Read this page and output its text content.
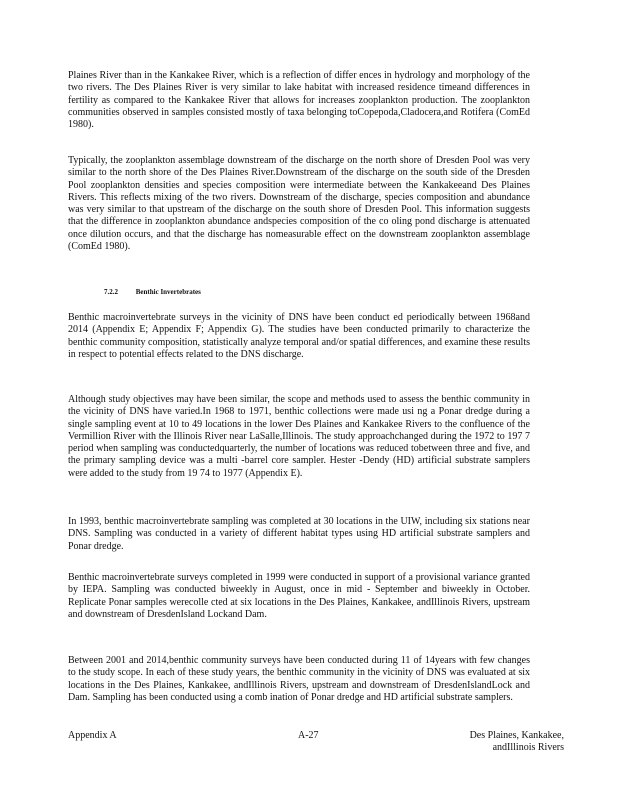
Plaines River than in the Kankakee River, which is a reflection of differ ences in hydrology and morphology of the two rivers. The Des Plaines River is very similar to lake habitat with increased residence timeand differences in fertility as compared to the Kankakee River that allows for increases zooplankton production. The zooplankton communities observed in samples consisted mostly of taxa belonging toCopepoda,Cladocera,and Rotifera (ComEd 1980).

Typically, the zooplankton assemblage downstream of the discharge on the north shore of Dresden Pool was very similar to the north shore of the Des Plaines River.Downstream of the discharge on the south side of the Dresden Pool zooplankton densities and species composition were intermediate between the Kankakeeand Des Plaines Rivers. This reflects mixing of the two rivers. Downstream of the discharge, species composition and abundance was very similar to that upstream of the discharge on the south shore of Dresden Pool. This information suggests that the difference in zooplankton abundance andspecies composition of the co oling pond discharge is attenuated once dilution occurs, and that the discharge has nomeasurable effect on the downstream zooplankton assemblage (ComEd 1980).

7.2.2	Benthic Invertebrates

Benthic macroinvertebrate surveys in the vicinity of DNS have been conduct ed periodically between 1968and 2014 (Appendix E; Appendix F; Appendix G). The studies have been conducted primarily to characterize the benthic community composition, statistically analyze temporal and/or spatial differences, and examine these results in respect to potential effects related to the DNS discharge.

Although study objectives may have been similar, the scope and methods used to assess the benthic community in the vicinity of DNS have varied.In 1968 to 1971, benthic collections were made usi ng a Ponar dredge during a single sampling event at 10 to 49 locations in the lower Des Plaines and Kankakee Rivers to the confluence of the Vermillion River with the Illinois River near LaSalle,Illinois. The study approachchanged during the 1972 to 197 7 period when sampling was conductedquarterly, the number of locations was reduced tobetween three and five, and the primary sampling device was a multi -barrel core sampler. Hester -Dendy (HD) artificial substrate samplers were added to the study from 19 74 to 1977 (Appendix E).

In 1993, benthic macroinvertebrate sampling was completed at 30 locations in the UIW, including six stations near DNS. Sampling was conducted in a variety of different habitat types using HD artificial substrate samplers and Ponar dredge.

Benthic macroinvertebrate surveys completed in 1999 were conducted in support of a provisional variance granted by IEPA. Sampling was conducted biweekly in August, once in mid - September and biweekly in October. Replicate Ponar samples werecolle cted at six locations in the Des Plaines, Kankakee, andIllinois Rivers, upstream and downstream of DresdenIsland Lockand Dam.

Between 2001 and 2014,benthic community surveys have been conducted during 11 of 14years with few changes to the study scope. In each of these study years, the benthic community in the vicinity of DNS was evaluated at six locations in the Des Plaines, Kankakee, andIllinois Rivers, upstream and downstream of DresdenIslandLock and Dam. Sampling has been conducted using a comb ination of Ponar dredge and HD artificial substrate samplers.

Appendix A	A-27	Des Plaines, Kankakee,
andIllinois Rivers
